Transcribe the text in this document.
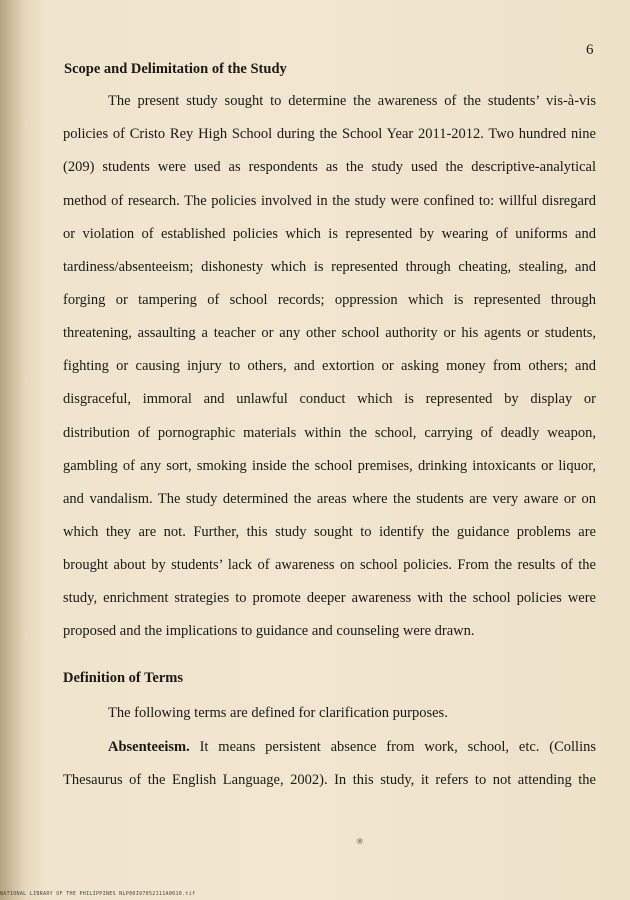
6
Scope and Delimitation of the Study
The present study sought to determine the awareness of the students’ vis-à-vis
policies of Cristo Rey High School during the School Year 2011-2012. Two hundred nine
(209) students were used as respondents as the study used the descriptive-analytical
method of research. The policies involved in the study were confined to: willful disregard
or violation of established policies which is represented by wearing of uniforms and
tardiness/absenteeism; dishonesty which is represented through cheating, stealing, and
forging or tampering of school records; oppression which is represented through
threatening, assaulting a teacher or any other school authority or his agents or students,
fighting or causing injury to others, and extortion or asking money from others; and
disgraceful, immoral and unlawful conduct which is represented by display or
distribution of pornographic materials within the school, carrying of deadly weapon,
gambling of any sort, smoking inside the school premises, drinking intoxicants or liquor,
and vandalism. The study determined the areas where the students are very aware or on
which they are not. Further, this study sought to identify the guidance problems are
brought about by students’ lack of awareness on school policies. From the results of the
study, enrichment strategies to promote deeper awareness with the school policies were
proposed and the implications to guidance and counseling were drawn.
Definition of Terms
The following terms are defined for clarification purposes.
Absenteeism. It means persistent absence from work, school, etc. (Collins
Thesaurus of the English Language, 2002). In this study, it refers to not attending the
❀
NATIONAL LIBRARY OF THE PHILIPPINES NLP00I97052111A0010.tif
